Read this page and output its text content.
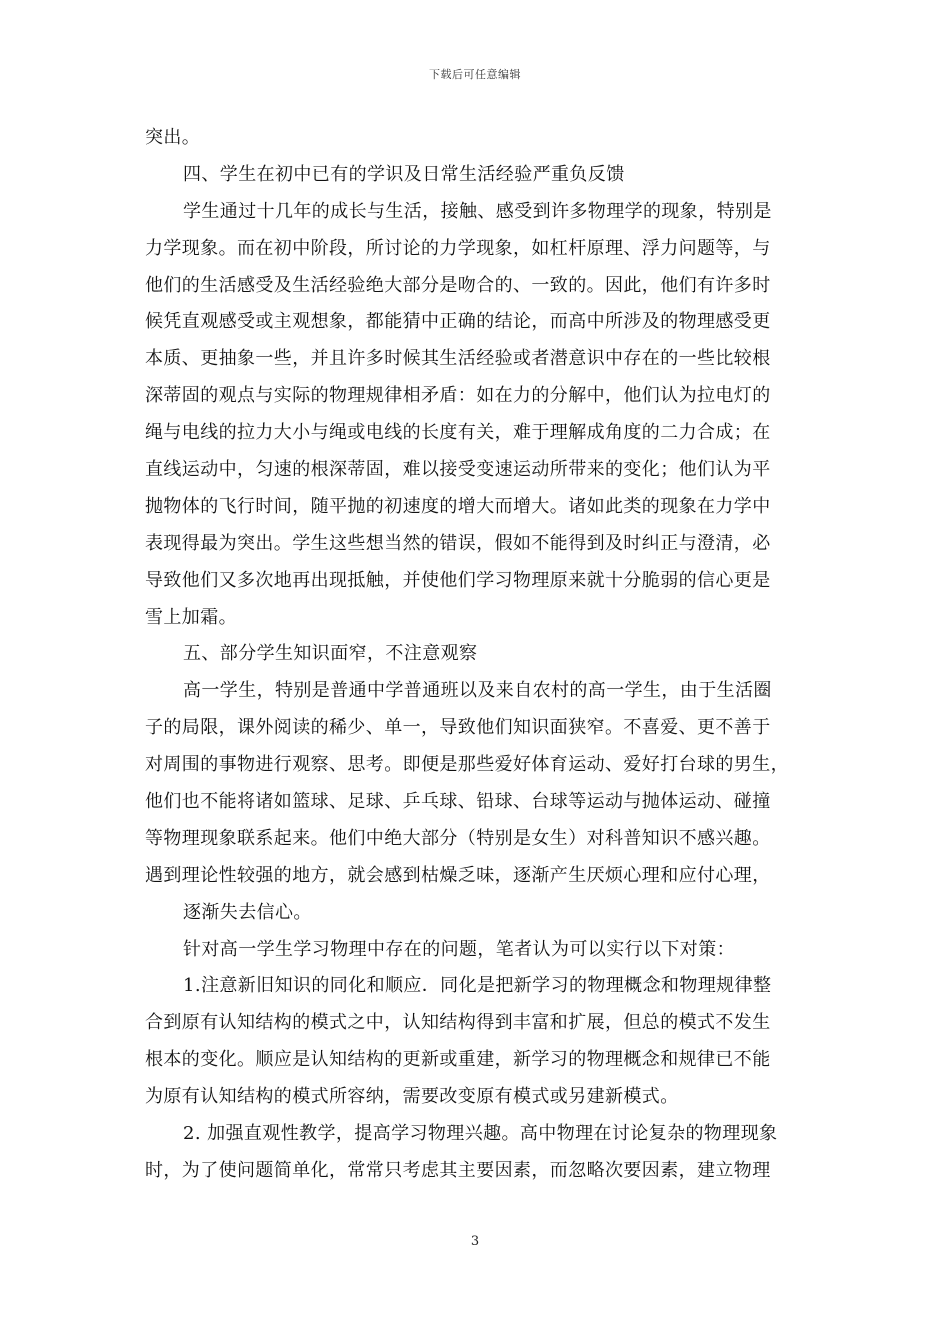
下载后可任意编辑
突出。
四、学生在初中已有的学识及日常生活经验严重负反馈
学生通过十几年的成长与生活，接触、感受到许多物理学的现象，特别是
力学现象。而在初中阶段，所讨论的力学现象，如杠杆原理、浮力问题等，与
他们的生活感受及生活经验绝大部分是吻合的、一致的。因此，他们有许多时
候凭直观感受或主观想象，都能猜中正确的结论，而高中所涉及的物理感受更
本质、更抽象一些，并且许多时候其生活经验或者潜意识中存在的一些比较根
深蒂固的观点与实际的物理规律相矛盾：如在力的分解中，他们认为拉电灯的
绳与电线的拉力大小与绳或电线的长度有关，难于理解成角度的二力合成；在
直线运动中，匀速的根深蒂固，难以接受变速运动所带来的变化；他们认为平
抛物体的飞行时间，随平抛的初速度的增大而增大。诸如此类的现象在力学中
表现得最为突出。学生这些想当然的错误，假如不能得到及时纠正与澄清，必
导致他们又多次地再出现抵触，并使他们学习物理原来就十分脆弱的信心更是
雪上加霜。
五、部分学生知识面窄，不注意观察
高一学生，特别是普通中学普通班以及来自农村的高一学生，由于生活圈
子的局限，课外阅读的稀少、单一，导致他们知识面狭窄。不喜爱、更不善于
对周围的事物进行观察、思考。即便是那些爱好体育运动、爱好打台球的男生，
他们也不能将诸如篮球、足球、乒乓球、铅球、台球等运动与抛体运动、碰撞
等物理现象联系起来。他们中绝大部分（特别是女生）对科普知识不感兴趣。
遇到理论性较强的地方，就会感到枯燥乏味，逐渐产生厌烦心理和应付心理，
逐渐失去信心。
针对高一学生学习物理中存在的问题，笔者认为可以实行以下对策：
1.注意新旧知识的同化和顺应．同化是把新学习的物理概念和物理规律整
合到原有认知结构的模式之中，认知结构得到丰富和扩展，但总的模式不发生
根本的变化。顺应是认知结构的更新或重建，新学习的物理概念和规律已不能
为原有认知结构的模式所容纳，需要改变原有模式或另建新模式。
2. 加强直观性教学，提高学习物理兴趣。高中物理在讨论复杂的物理现象
时，为了使问题简单化，常常只考虑其主要因素，而忽略次要因素，建立物理
3
